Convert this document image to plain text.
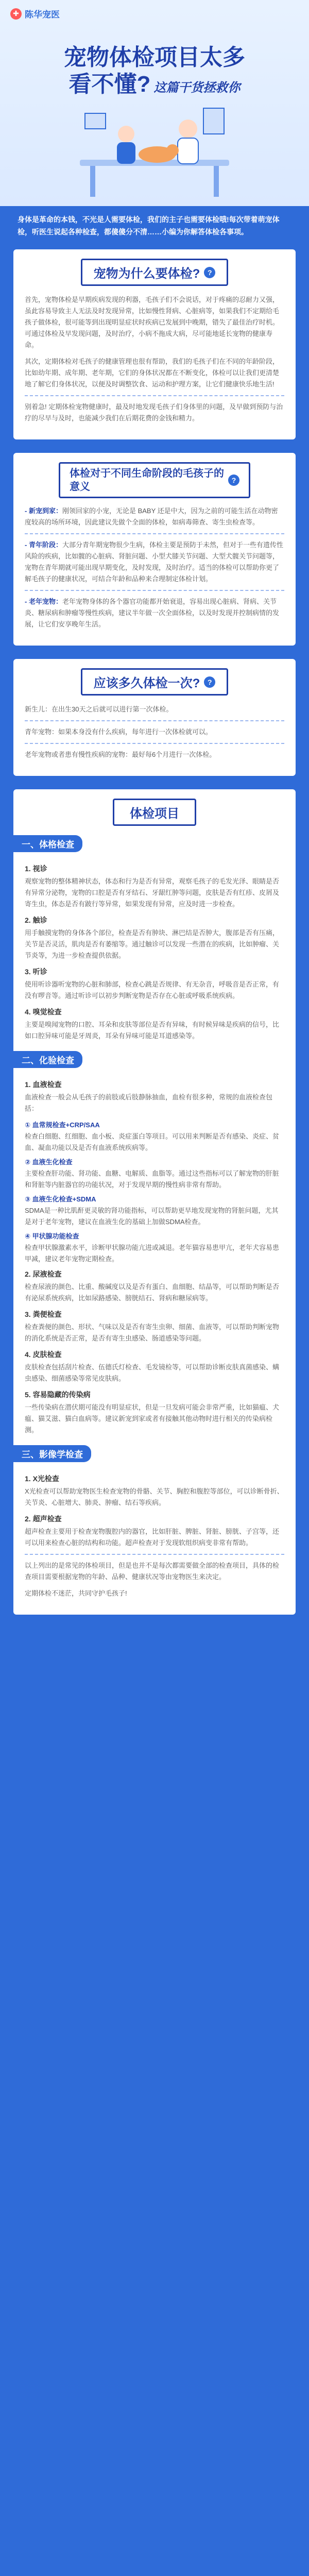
✚ 陈华宠医
宠物体检项目太多
看不懂? 这篇干货拯救你
身体是革命的本钱，不光是人需要体检，我们的主子也需要体检哦!每次带着萌宠体检，听医生说起各种检查，都傻傻分不清……小编为你解答体检各事项。
宠物为什么要体检?	?

首先，宠物体检是早期疾病发现的利器，毛孩子们不会说话，对于疼痛的忍耐力又强，虽此容易导致主人无法及时发现异常，比如慢性肾病、心脏病等，如果我们不定期给毛孩子做体检，很可能等到出现明显症状时疾病已发展到中晚期，错失了最佳治疗时机。可通过体检及早发现问题，及时治疗，小病不拖成大病，尽可能地延长宠物的健康寿命。

其次，定期体检对毛孩子的健康管理也很有帮助，我们的毛孩子们在不同的年龄阶段，比如幼年期、成年期、老年期，它们的身体状况都在不断变化，体检可以让我们更清楚地了解它们身体状况，以便及时调整饮食、运动和护理方案，让它们健康快乐地生活!

别着急! 定期体检宠物健康时，最及时地发现毛孩子们身体里的问题，及早做到预防与治疗的尽早与及时，也能减少我们在后期花费的金钱和精力。

体检对于不同生命阶段的毛孩子的意义
?

- 新宠到家：刚领回家的小宠，无论是 BABY 还是中大，因为之前的可能生活在动物密度较高的场所环境，因此建议先做个全面的体检，如病毒筛查、寄生虫检查等。

- 青年阶段：大部分青年期宠物很少生病，体检主要是预防于未然，但对于一些有遗传性风险的疾病，比如髋的心脏病、肾脏问题、小型犬膝关节问题、大型犬髋关节问题等，宠物在青年期就可能出现早期变化，及时发现，及时治疗。适当的体检可以帮助你更了解毛孩子的健康状况，可结合年龄和品种来合理制定体检计划。

- 老年宠物：老年宠物身体的各个器官功能都开始衰退，容易出现心脏病、肾病、关节炎、糖尿病和肿瘤等慢性疾病，建议半年做一次全面体检，以及时发现并控制病情的发展，让它们安享晚年生活。

应该多久体检一次?	?

新生儿：在出生30天之后就可以进行第一次体检。

青年宠物：如果本身没有什么疾病，每年进行一次体检就可以。

老年宠物或者患有慢性疾病的宠物：最好每6个月进行一次体检。

体检项目
一、体格检查
1. 视诊
观察宠物的整体精神状态，体态和行为是否有异常，观察毛孩子的毛发光泽、眼睛是否有异常分泌物，宠物的口腔是否有牙结石、牙龈红肿等问题，皮肤是否有红疹、皮屑及寄生虫，体态是否有跛行等异常，如果发现有异常，应及时进一步检查。
2. 触诊
用手触摸宠物的身体各个部位，检查是否有肿块、淋巴结是否肿大，腹部是否有压痛，关节是否灵活，肌肉是否有萎缩等。通过触诊可以发现一些潜在的疾病，比如肿瘤、关节炎等，为进一步检查提供依据。
3. 听诊
使用听诊器听宠物的心脏和肺部，检查心跳是否规律、有无杂音，呼吸音是否正常，有没有啰音等。通过听诊可以初步判断宠物是否存在心脏或呼吸系统疾病。
4. 嗅觉检查
主要是嗅闻宠物的口腔、耳朵和皮肤等部位是否有异味，有时候异味是疾病的信号，比如口腔异味可能是牙周炎，耳朵有异味可能是耳道感染等。
二、化验检查
1. 血液检查
血液检查一般会从毛孩子的前肢或后肢静脉抽血，血检有很多种，常规的血液检查包括：
① 血常规检查+CRP/SAA
检查白细胞、红细胞、血小板、炎症蛋白等项目。可以用来判断是否有感染、炎症、贫血、凝血功能以及是否有血液系统疾病等。
② 血液生化检查
主要检查肝功能、肾功能、血糖、电解质、血脂等。通过这些指标可以了解宠物的肝脏和肾脏等内脏器官的功能状况，对于发现早期的慢性病非常有帮助。
③ 血液生化检查+SDMA
SDMA是一种比肌酐更灵敏的肾功能指标，可以帮助更早地发现宠物的肾脏问题，尤其是对于老年宠物，建议在血液生化的基础上加做SDMA检查。
④ 甲状腺功能检查
检查甲状腺激素水平，诊断甲状腺功能亢进或减退。老年猫容易患甲亢，老年犬容易患甲减，建议老年宠物定期检查。
2. 尿液检查
检查尿液的颜色、比重、酸碱度以及是否有蛋白、血细胞、结晶等，可以帮助判断是否有泌尿系统疾病，比如尿路感染、膀胱结石、肾病和糖尿病等。
3. 粪便检查
检查粪便的颜色、形状、气味以及是否有寄生虫卵、细菌、血液等，可以帮助判断宠物的消化系统是否正常，是否有寄生虫感染、肠道感染等问题。
4. 皮肤检查
皮肤检查包括刮片检查、伍德氏灯检查、毛发镜检等，可以帮助诊断皮肤真菌感染、螨虫感染、细菌感染等常见皮肤病。
5. 容易隐藏的传染病
一些传染病在潜伏期可能没有明显症状，但是一旦发病可能会非常严重，比如猫瘟、犬瘟、猫艾滋、猫白血病等。建议新宠到家或者有接触其他动物时进行相关的传染病检测。
三、影像学检查
1. X光检查
X光检查可以帮助宠物医生检查宠物的骨骼、关节、胸腔和腹腔等部位，可以诊断骨折、关节炎、心脏增大、肺炎、肿瘤、结石等疾病。
2. 超声检查
超声检查主要用于检查宠物腹腔内的器官，比如肝脏、脾脏、肾脏、膀胱、子宫等，还可以用来检查心脏的结构和功能。超声检查对于发现软组织病变非常有帮助。

以上列出的是常见的体检项目，但是也并不是每次都需要做全部的检查项目，具体的检查项目需要根据宠物的年龄、品种、健康状况等由宠物医生来决定。

定期体检不迷茫，共同守护毛孩子!
